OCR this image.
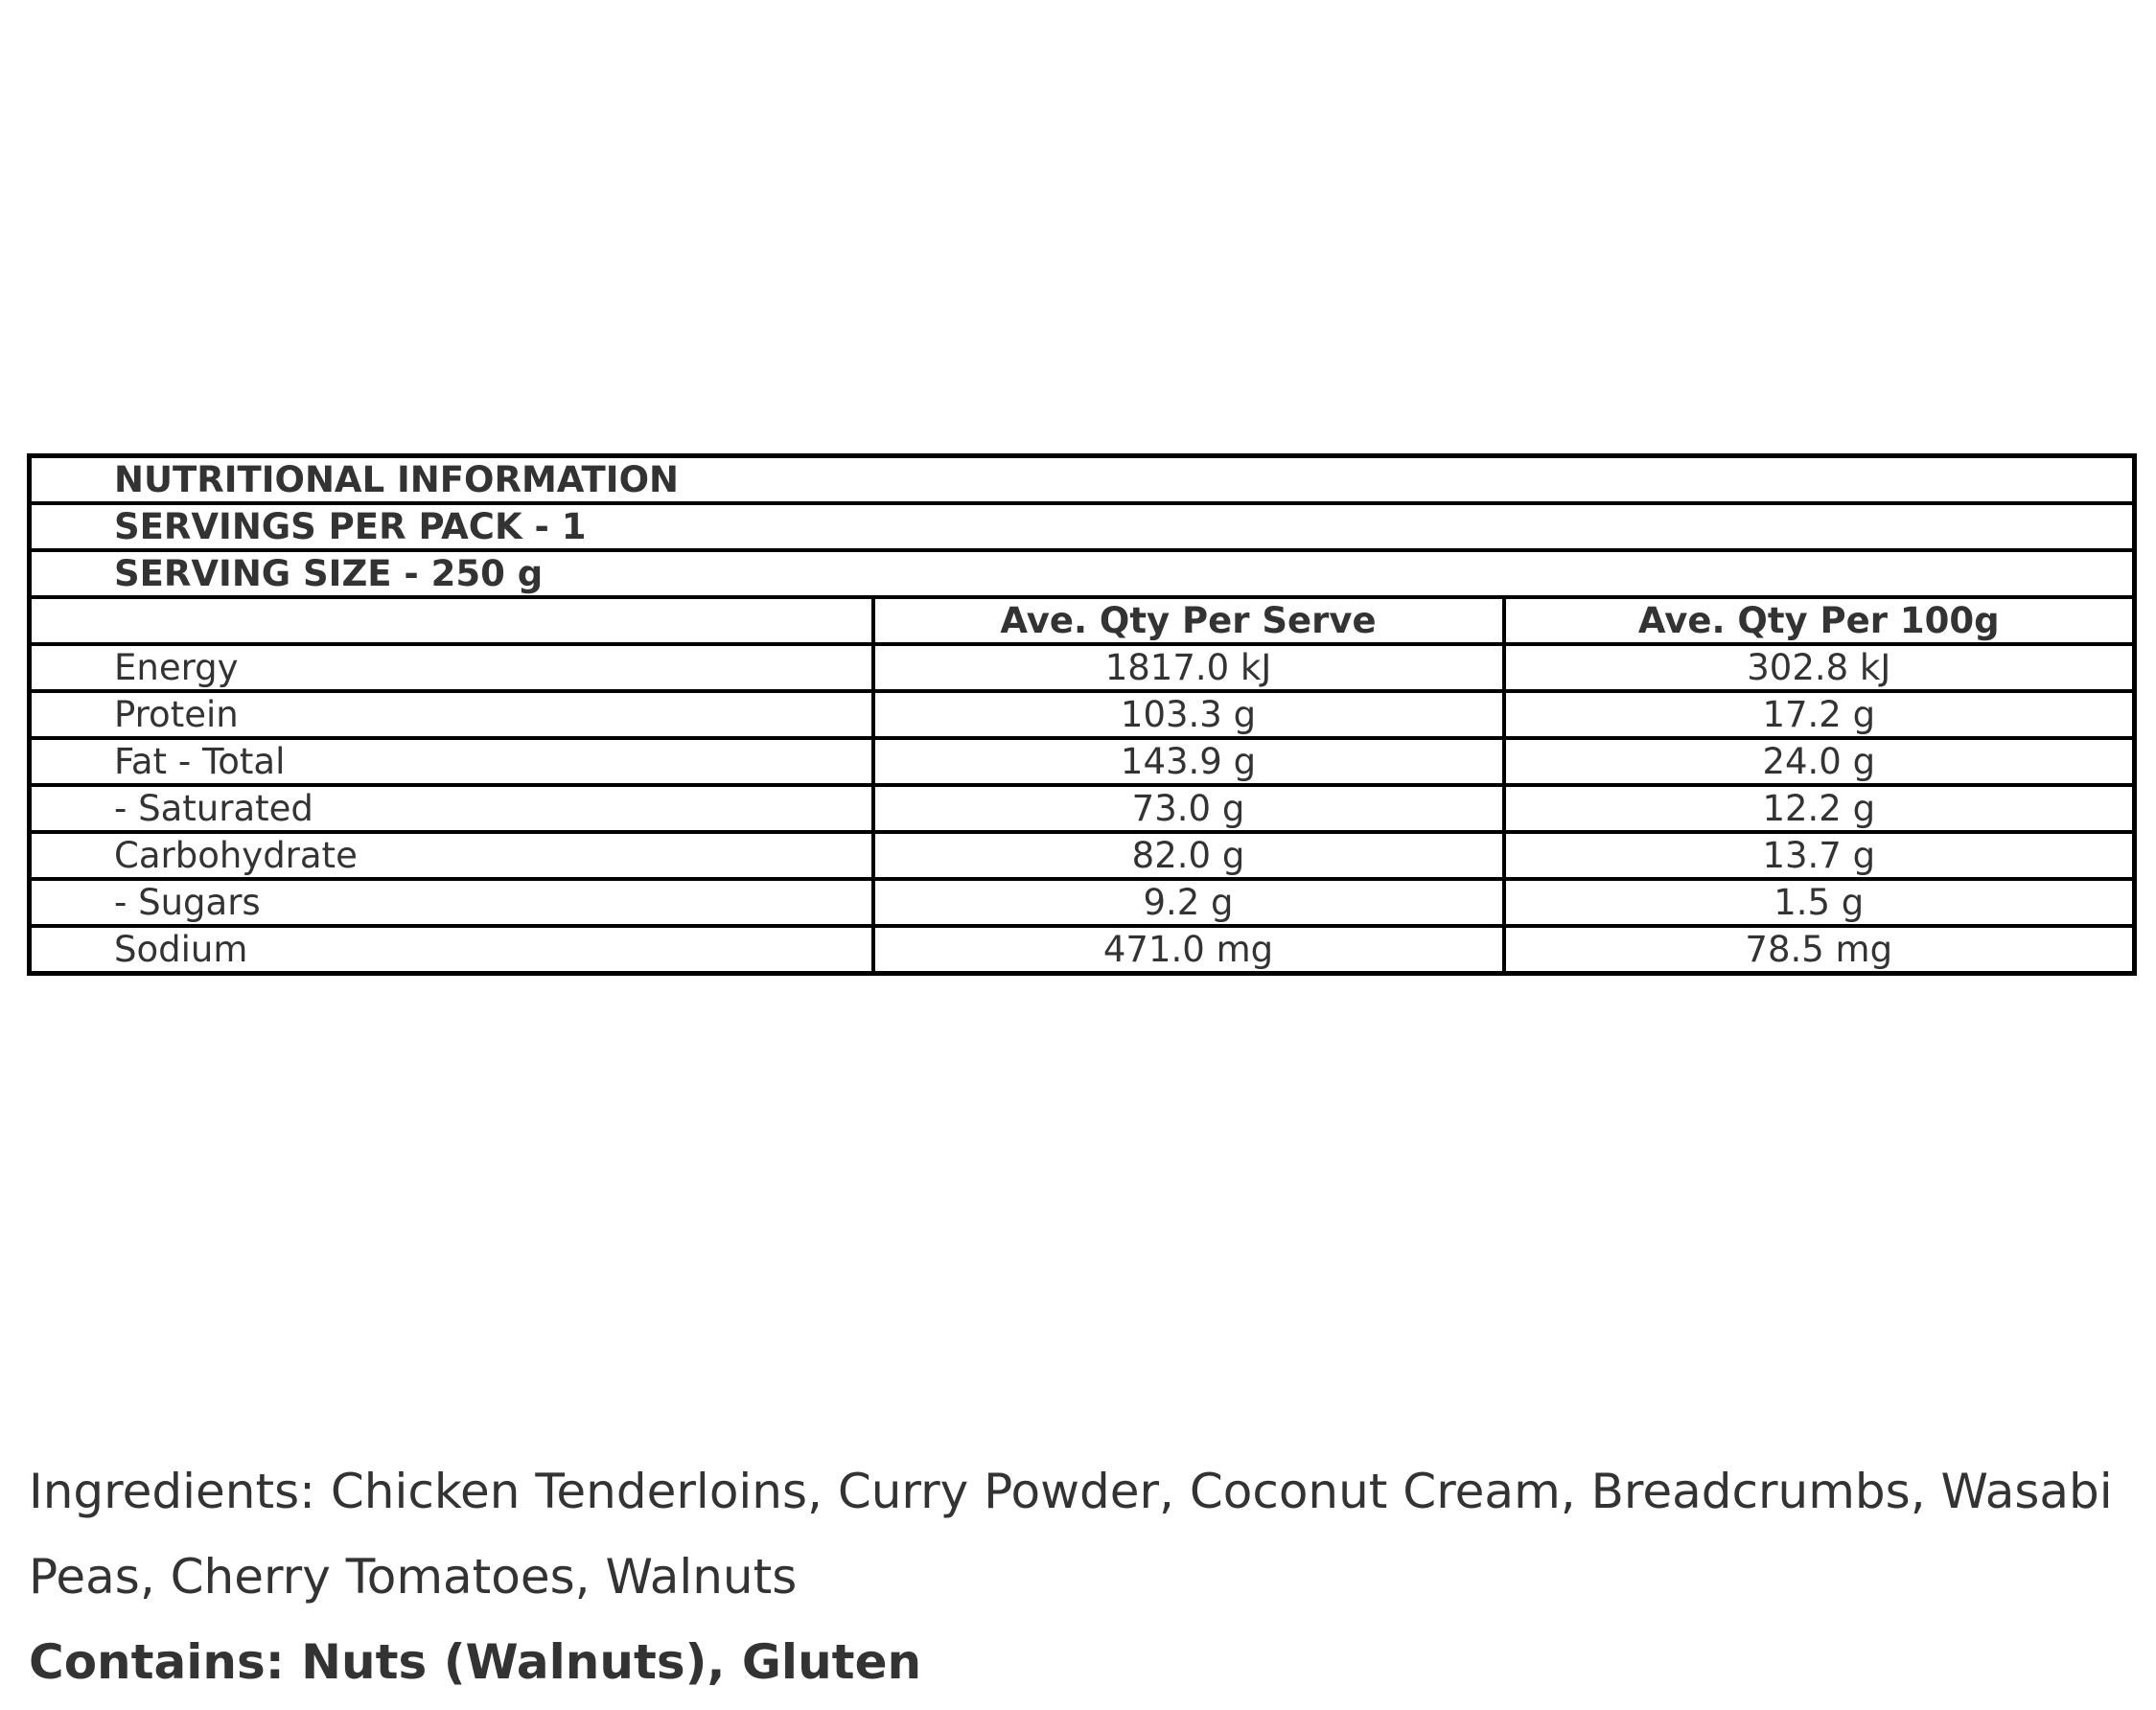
NUTRITIONAL INFORMATION		
SERVINGS PER PACK - 1		
SERVING SIZE - 250 g		
	Ave. Qty Per Serve	Ave. Qty Per 100g
Energy	1817.0 kJ	302.8 kJ
Protein	103.3 g	17.2 g
Fat - Total	143.9 g	24.0 g
- Saturated	73.0 g	12.2 g
Carbohydrate	82.0 g	13.7 g
- Sugars	9.2 g	1.5 g
Sodium	471.0 mg	78.5 mg

Ingredients: Chicken Tenderloins, Curry Powder, Coconut Cream, Breadcrumbs, Wasabi Peas, Cherry Tomatoes, Walnuts

Contains: Nuts (Walnuts), Gluten
